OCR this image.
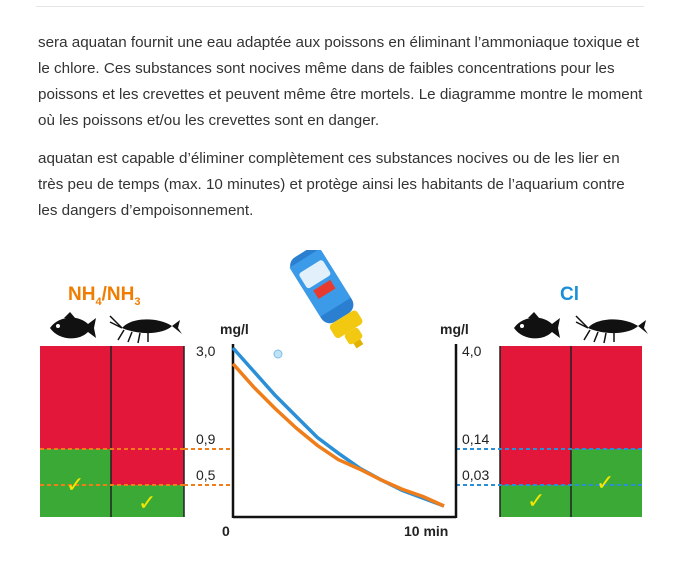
sera aquatan fournit une eau adaptée aux poissons en éliminant l’ammoniaque toxique et le chlore. Ces substances sont nocives même dans de faibles concentrations pour les poissons et les crevettes et peuvent même être mortels. Le diagramme montre le moment où les poissons et/ou les crevettes sont en danger.

aquatan est capable d’éliminer complètement ces substances nocives ou de les lier en très peu de temps (max. 10 minutes) et protège ainsi les habitants de l’aquarium contre les dangers d’empoisonnement.

$NH_4/NH_3$	Cl
✓
✓	✓
✓
mg/l	mg/l
3,0
0,9
0,5
4,0
0,14
0,03
0	10 min
